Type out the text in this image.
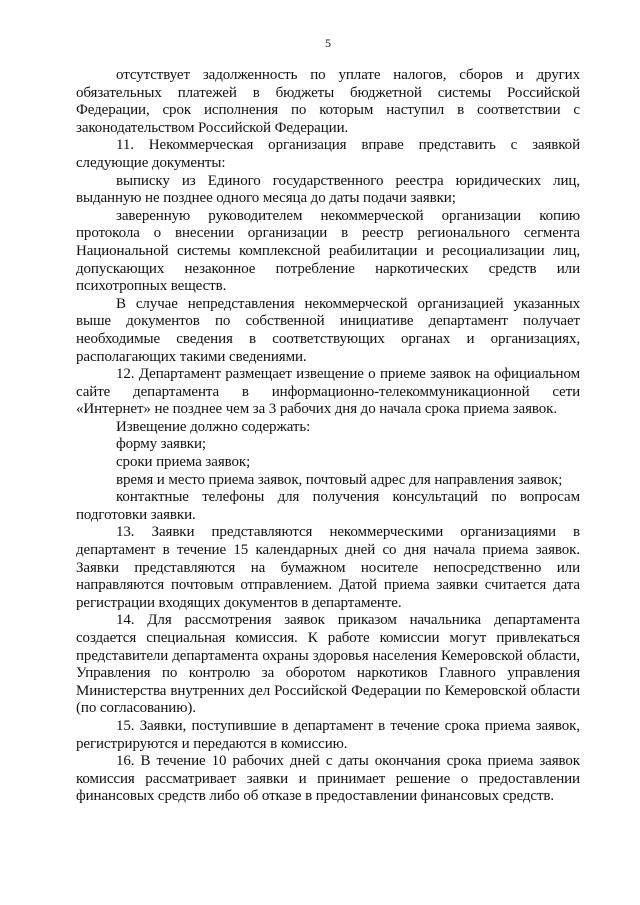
5

отсутствует задолженность по уплате налогов, сборов и других обязательных платежей в бюджеты бюджетной системы Российской Федерации, срок исполнения по которым наступил в соответствии с законодательством Российской Федерации.

11. Некоммерческая организация вправе представить с заявкой следующие документы:

выписку из Единого государственного реестра юридических лиц, выданную не позднее одного месяца до даты подачи заявки;

заверенную руководителем некоммерческой организации копию протокола о внесении организации в реестр регионального сегмента Национальной системы комплексной реабилитации и ресоциализации лиц, допускающих незаконное потребление наркотических средств или психотропных веществ.

В случае непредставления некоммерческой организацией указанных выше документов по собственной инициативе департамент получает необходимые сведения в соответствующих органах и организациях, располагающих такими сведениями.

12. Департамент размещает извещение о приеме заявок на официальном сайте департамента в информационно-телекоммуникационной сети «Интернет» не позднее чем за 3 рабочих дня до начала срока приема заявок.

Извещение должно содержать:

форму заявки;

сроки приема заявок;

время и место приема заявок, почтовый адрес для направления заявок;

контактные телефоны для получения консультаций по вопросам подготовки заявки.

13. Заявки представляются некоммерческими организациями в департамент в течение 15 календарных дней со дня начала приема заявок. Заявки представляются на бумажном носителе непосредственно или направляются почтовым отправлением. Датой приема заявки считается дата регистрации входящих документов в департаменте.

14. Для рассмотрения заявок приказом начальника департамента создается специальная комиссия. К работе комиссии могут привлекаться представители департамента охраны здоровья населения Кемеровской области, Управления по контролю за оборотом наркотиков Главного управления Министерства внутренних дел Российской Федерации по Кемеровской области (по согласованию).

15. Заявки, поступившие в департамент в течение срока приема заявок, регистрируются и передаются в комиссию.

16. В течение 10 рабочих дней с даты окончания срока приема заявок комиссия рассматривает заявки и принимает решение о предоставлении финансовых средств либо об отказе в предоставлении финансовых средств.
